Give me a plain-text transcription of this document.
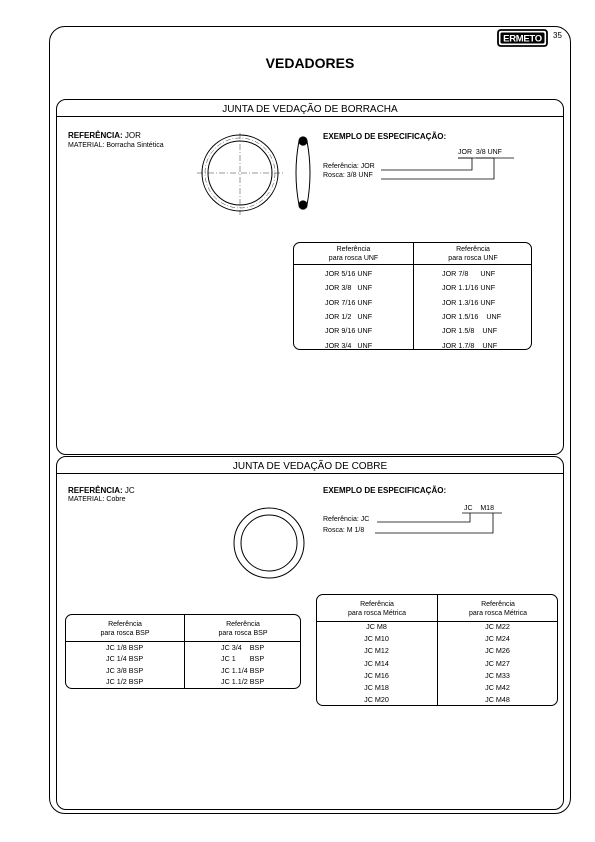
ERMETO 35
VEDADORES
JUNTA DE VEDAÇÃO DE BORRACHA
REFERÊNCIA: JOR
MATERIAL: Borracha Sintética
EXEMPLO DE ESPECIFICAÇÃO:
JOR 3/8 UNF
Referência: JOR
Rosca: 3/8 UNF
Referência
para rosca UNF
Referência
para rosca UNF
JOR 5/16 UNF	JOR 7/8      UNF
JOR 3/8   UNF	JOR 1.1/16 UNF
JOR 7/16 UNF	JOR 1.3/16 UNF
JOR 1/2   UNF	JOR 1.5/16    UNF
JOR 9/16 UNF	JOR 1.5/8    UNF
JOR 3/4   UNF	JOR 1.7/8    UNF
JUNTA DE VEDAÇÃO DE COBRE
REFERÊNCIA: JC
MATERIAL: Cobre
EXEMPLO DE ESPECIFICAÇÃO:
JC M18
Referência: JC
Rosca: M 1/8
Referência
para rosca BSP
Referência
para rosca BSP
JC 1/8 BSP	JC 3/4    BSP
JC 1/4 BSP	JC 1       BSP
JC 3/8 BSP	JC 1.1/4 BSP
JC 1/2 BSP	JC 1.1/2 BSP
Referência
para rosca Métrica
Referência
para rosca Métrica
JC M8	JC M22
JC M10	JC M24
JC M12	JC M26
JC M14	JC M27
JC M16	JC M33
JC M18	JC M42
JC M20	JC M48
